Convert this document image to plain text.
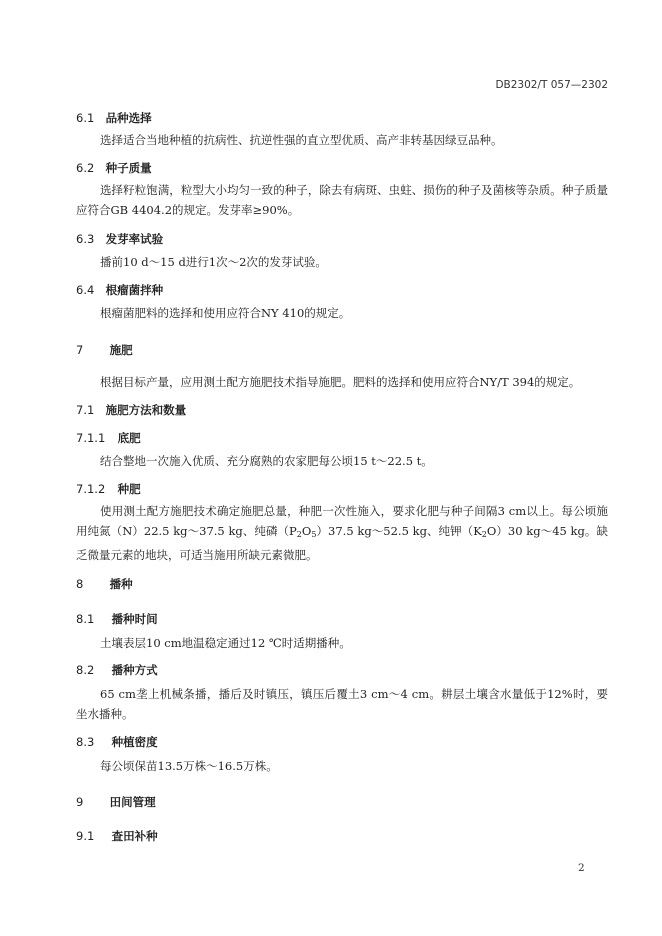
DB2302/T 057—2302
6.1 品种选择
选择适合当地种植的抗病性、抗逆性强的直立型优质、高产非转基因绿豆品种。
6.2 种子质量
选择籽粒饱满，粒型大小均匀一致的种子，除去有病斑、虫蛀、损伤的种子及菌核等杂质。种子质量应符合GB 4404.2的规定。发芽率≥90%。
6.3 发芽率试验
播前10 d～15 d进行1次～2次的发芽试验。
6.4 根瘤菌拌种
根瘤菌肥料的选择和使用应符合NY 410的规定。
7 施肥
根据目标产量，应用测土配方施肥技术指导施肥。肥料的选择和使用应符合NY/T 394的规定。
7.1 施肥方法和数量
7.1.1 底肥
结合整地一次施入优质、充分腐熟的农家肥每公顷15 t～22.5 t。
7.1.2 种肥
使用测土配方施肥技术确定施肥总量，种肥一次性施入，要求化肥与种子间隔3 cm以上。每公顷施用纯氮（N）22.5 kg～37.5 kg、纯磷$(P_2O_5)37.5$ kg～52.5 kg、纯钾$(K_2O)30$ kg～45 kg。缺乏微量元素的地块，可适当施用所缺元素微肥。
8 播种
8.1 播种时间
土壤表层10 cm地温稳定通过12 ℃时适期播种。
8.2 播种方式
65 cm垄上机械条播，播后及时镇压，镇压后覆土3 cm～4 cm。耕层土壤含水量低于12%时，要坐水播种。
8.3 种植密度
每公顷保苗13.5万株～16.5万株。
9 田间管理
9.1 查田补种
2
